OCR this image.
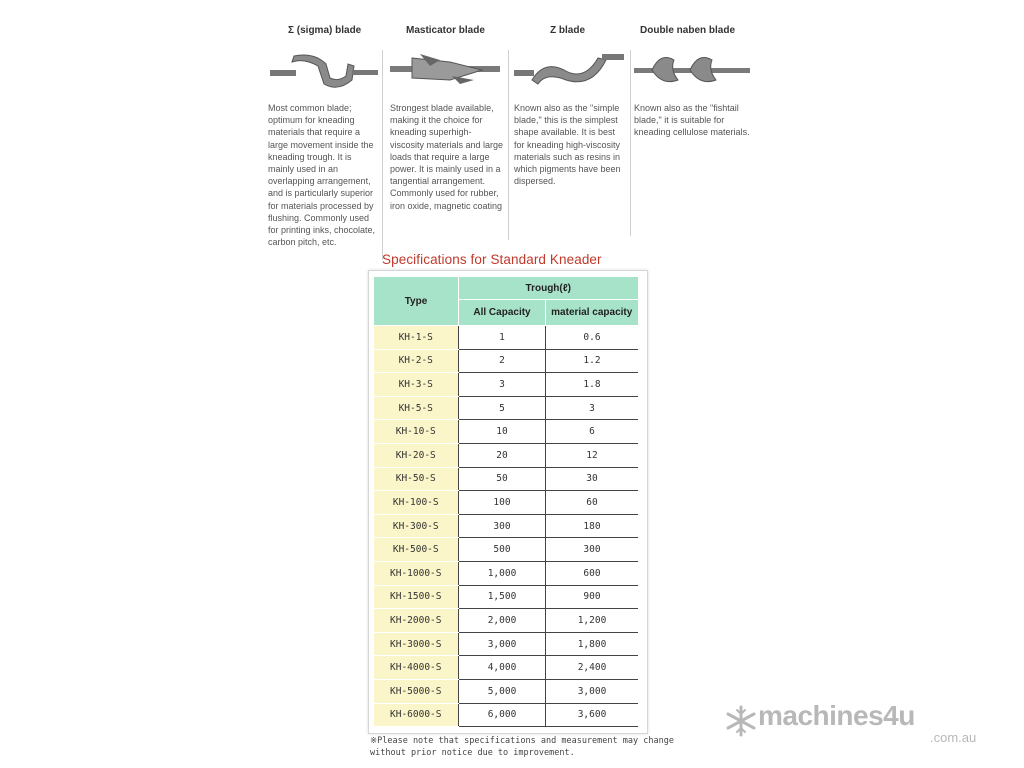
Σ (sigma) blade
Most common blade; optimum for kneading materials that require a large movement inside the kneading trough. It is mainly used in an overlapping arrangement, and is particularly superior for materials processed by flushing. Commonly used for printing inks, chocolate, carbon pitch, etc.
Masticator blade
Strongest blade available, making it the choice for kneading superhigh-viscosity materials and large loads that require a large power. It is mainly used in a tangential arrangement. Commonly used for rubber, iron oxide, magnetic coating
Z blade
Known also as the "simple blade," this is the simplest shape available. It is best for kneading high-viscosity materials such as resins in which pigments have been dispersed.
Double naben blade
Known also as the "fishtail blade," it is suitable for kneading cellulose materials.
Specifications for Standard Kneader
Type	Trough(ℓ)	
	All Capacity	material capacity
KH-1-S	1	0.6
KH-2-S	2	1.2
KH-3-S	3	1.8
KH-5-S	5	3
KH-10-S	10	6
KH-20-S	20	12
KH-50-S	50	30
KH-100-S	100	60
KH-300-S	300	180
KH-500-S	500	300
KH-1000-S	1,000	600
KH-1500-S	1,500	900
KH-2000-S	2,000	1,200
KH-3000-S	3,000	1,800
KH-4000-S	4,000	2,400
KH-5000-S	5,000	3,000
KH-6000-S	6,000	3,600
※Please note that specifications and measurement may change without prior notice due to improvement.
machines4u
.com.au
